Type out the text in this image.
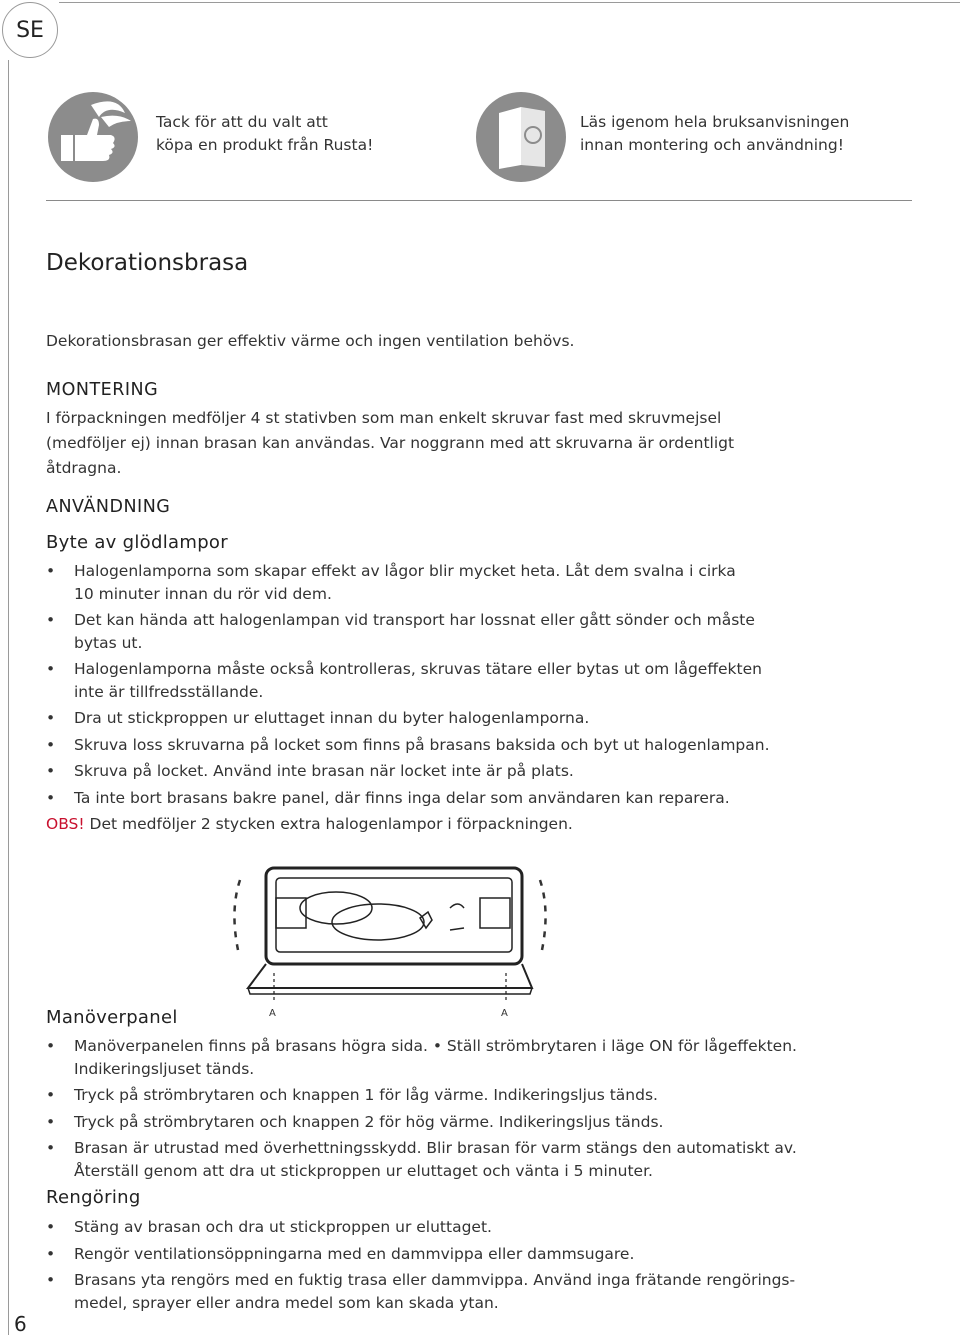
SE
Tack för att du valt att
köpa en produkt från Rusta!
Läs igenom hela bruksanvisningen
innan montering och användning!
Dekorationsbrasa
Dekorationsbrasan ger effektiv värme och ingen ventilation behövs.
MONTERING
I förpackningen medföljer 4 st stativben som man enkelt skruvar fast med skruvmejsel
(medföljer ej) innan brasan kan användas. Var noggrann med att skruvarna är ordentligt
åtdragna.
ANVÄNDNING
Byte av glödlampor
• Halogenlamporna som skapar effekt av lågor blir mycket heta. Låt dem svalna i cirka
10 minuter innan du rör vid dem.
• Det kan hända att halogenlampan vid transport har lossnat eller gått sönder och måste
bytas ut.
• Halogenlamporna måste också kontrolleras, skruvas tätare eller bytas ut om lågeffekten
inte är tillfredsställande.
• Dra ut stickproppen ur eluttaget innan du byter halogenlamporna.
• Skruva loss skruvarna på locket som finns på brasans baksida och byt ut halogenlampan.
• Skruva på locket. Använd inte brasan när locket inte är på plats.
• Ta inte bort brasans bakre panel, där finns inga delar som användaren kan reparera.
OBS! Det medföljer 2 stycken extra halogenlampor i förpackningen.
A	A
Manöverpanel
• Manöverpanelen finns på brasans högra sida. • Ställ strömbrytaren i läge ON för lågeffekten.
Indikeringsljuset tänds.
• Tryck på strömbrytaren och knappen 1 för låg värme. Indikeringsljus tänds.
• Tryck på strömbrytaren och knappen 2 för hög värme. Indikeringsljus tänds.
• Brasan är utrustad med överhettningsskydd. Blir brasan för varm stängs den automatiskt av.
Återställ genom att dra ut stickproppen ur eluttaget och vänta i 5 minuter.
Rengöring
• Stäng av brasan och dra ut stickproppen ur eluttaget.
• Rengör ventilationsöppningarna med en dammvippa eller dammsugare.
• Brasans yta rengörs med en fuktig trasa eller dammvippa. Använd inga frätande rengörings-
medel, sprayer eller andra medel som kan skada ytan.
6
